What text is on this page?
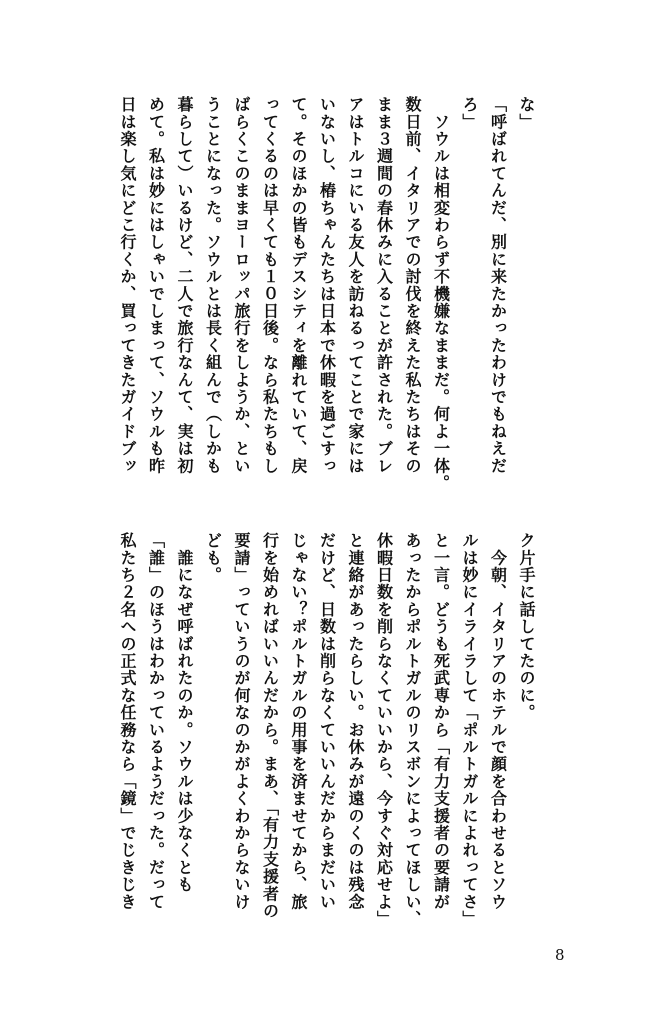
な」

「呼ばれてんだ、別に来たかったわけでもねえだ

ろ」

　ソウルは相変わらず不機嫌なままだ。何よ一体。

数日前、イタリアでの討伐を終えた私たちはその

まま３週間の春休みに入ることが許された。ブレ

アはトルコにいる友人を訪ねるってことで家には

いないし、椿ちゃんたちは日本で休暇を過ごすっ

て。そのほかの皆もデスシティを離れていて、戻

ってくるのは早くても１０日後。なら私たちもし

ばらくこのままヨーロッパ旅行をしようか、とい

うことになった。ソウルとは長く組んで（しかも

暮らして）いるけど、二人で旅行なんて、実は初

めて。私は妙にはしゃいでしまって、ソウルも昨

日は楽し気にどこ行くか、買ってきたガイドブッ

ク片手に話してたのに。

　今朝、イタリアのホテルで顔を合わせるとソウ

ルは妙にイライラして「ポルトガルによれってさ」

と一言。どうも死武専から「有力支援者の要請が

あったからポルトガルのリスボンによってほしい、

休暇日数を削らなくていいから、今すぐ対応せよ」

と連絡があったらしい。お休みが遠のくのは残念

だけど、日数は削らなくていいんだからまだいい

じゃない？ポルトガルの用事を済ませてから、旅

行を始めればいいんだから。まあ、「有力支援者の

要請」っていうのが何なのかがよくわからないけ

ども。

　誰になぜ呼ばれたのか。ソウルは少なくとも

「誰」のほうはわかっているようだった。だって

私たち２名への正式な任務なら「鏡」でじきじき

8
